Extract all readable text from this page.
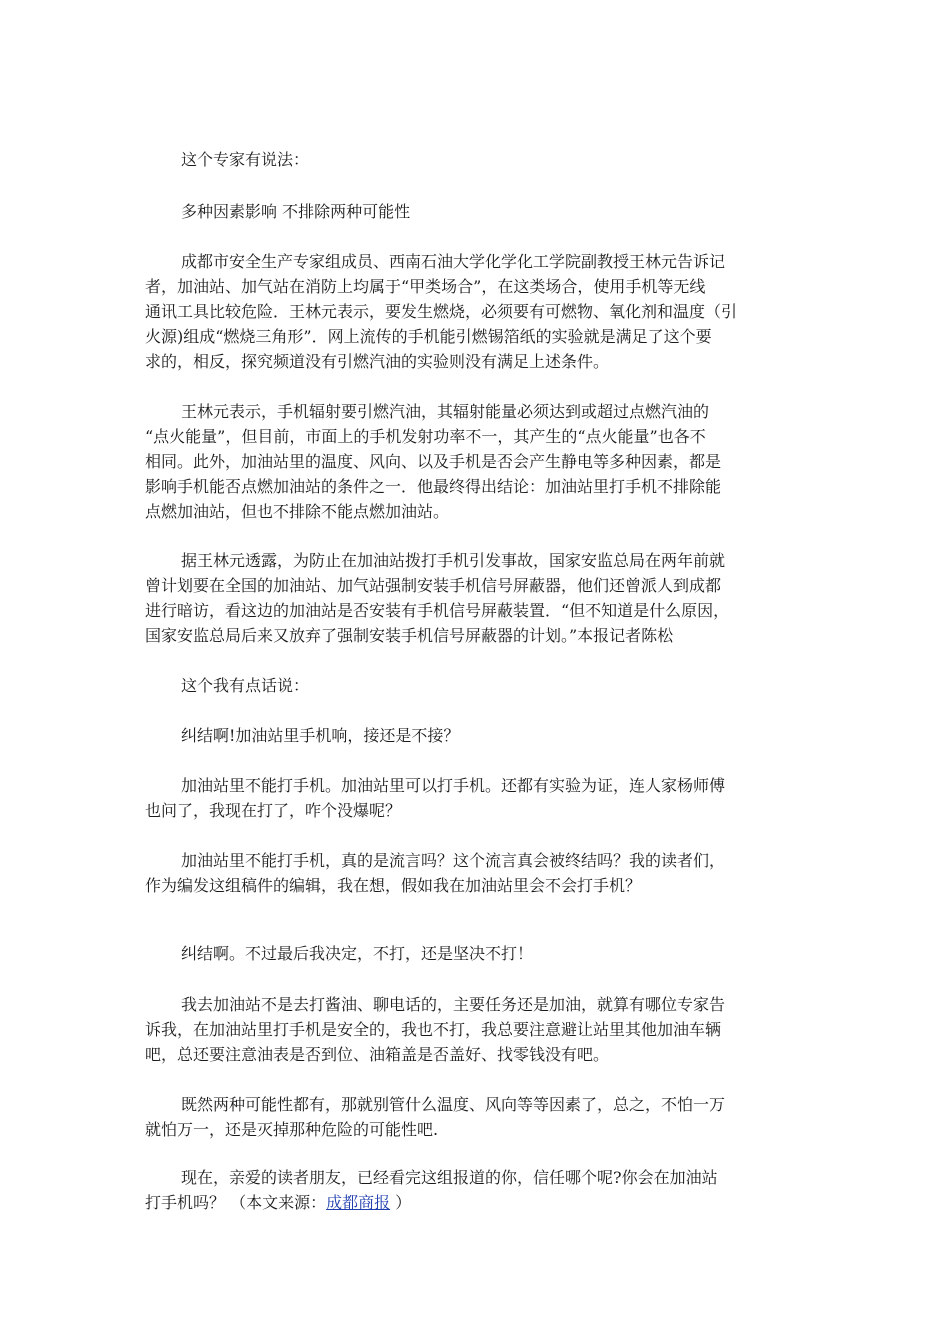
这个专家有说法：

多种因素影响 不排除两种可能性

成都市安全生产专家组成员、西南石油大学化学化工学院副教授王林元告诉记
者，加油站、加气站在消防上均属于“甲类场合”，在这类场合，使用手机等无线
通讯工具比较危险．王林元表示，要发生燃烧，必须要有可燃物、氧化剂和温度（引
火源)组成“燃烧三角形”．网上流传的手机能引燃锡箔纸的实验就是满足了这个要
求的，相反，探究频道没有引燃汽油的实验则没有满足上述条件。

王林元表示，手机辐射要引燃汽油，其辐射能量必须达到或超过点燃汽油的
“点火能量”，但目前，市面上的手机发射功率不一，其产生的“点火能量”也各不
相同。此外，加油站里的温度、风向、以及手机是否会产生静电等多种因素，都是
影响手机能否点燃加油站的条件之一．他最终得出结论：加油站里打手机不排除能
点燃加油站，但也不排除不能点燃加油站。

据王林元透露，为防止在加油站拨打手机引发事故，国家安监总局在两年前就
曾计划要在全国的加油站、加气站强制安装手机信号屏蔽器，他们还曾派人到成都
进行暗访，看这边的加油站是否安装有手机信号屏蔽装置．“但不知道是什么原因，
国家安监总局后来又放弃了强制安装手机信号屏蔽器的计划。”本报记者陈松

这个我有点话说：

纠结啊!加油站里手机响，接还是不接？

加油站里不能打手机。加油站里可以打手机。还都有实验为证，连人家杨师傅
也问了，我现在打了，咋个没爆呢？

加油站里不能打手机，真的是流言吗？这个流言真会被终结吗？我的读者们，
作为编发这组稿件的编辑，我在想，假如我在加油站里会不会打手机？

纠结啊。不过最后我决定，不打，还是坚决不打！

我去加油站不是去打酱油、聊电话的，主要任务还是加油，就算有哪位专家告
诉我，在加油站里打手机是安全的，我也不打，我总要注意避让站里其他加油车辆
吧，总还要注意油表是否到位、油箱盖是否盖好、找零钱没有吧。

既然两种可能性都有，那就别管什么温度、风向等等因素了，总之，不怕一万
就怕万一，还是灭掉那种危险的可能性吧.

现在，亲爱的读者朋友，已经看完这组报道的你，信任哪个呢?你会在加油站
打手机吗？ （本文来源：成都商报 ）
